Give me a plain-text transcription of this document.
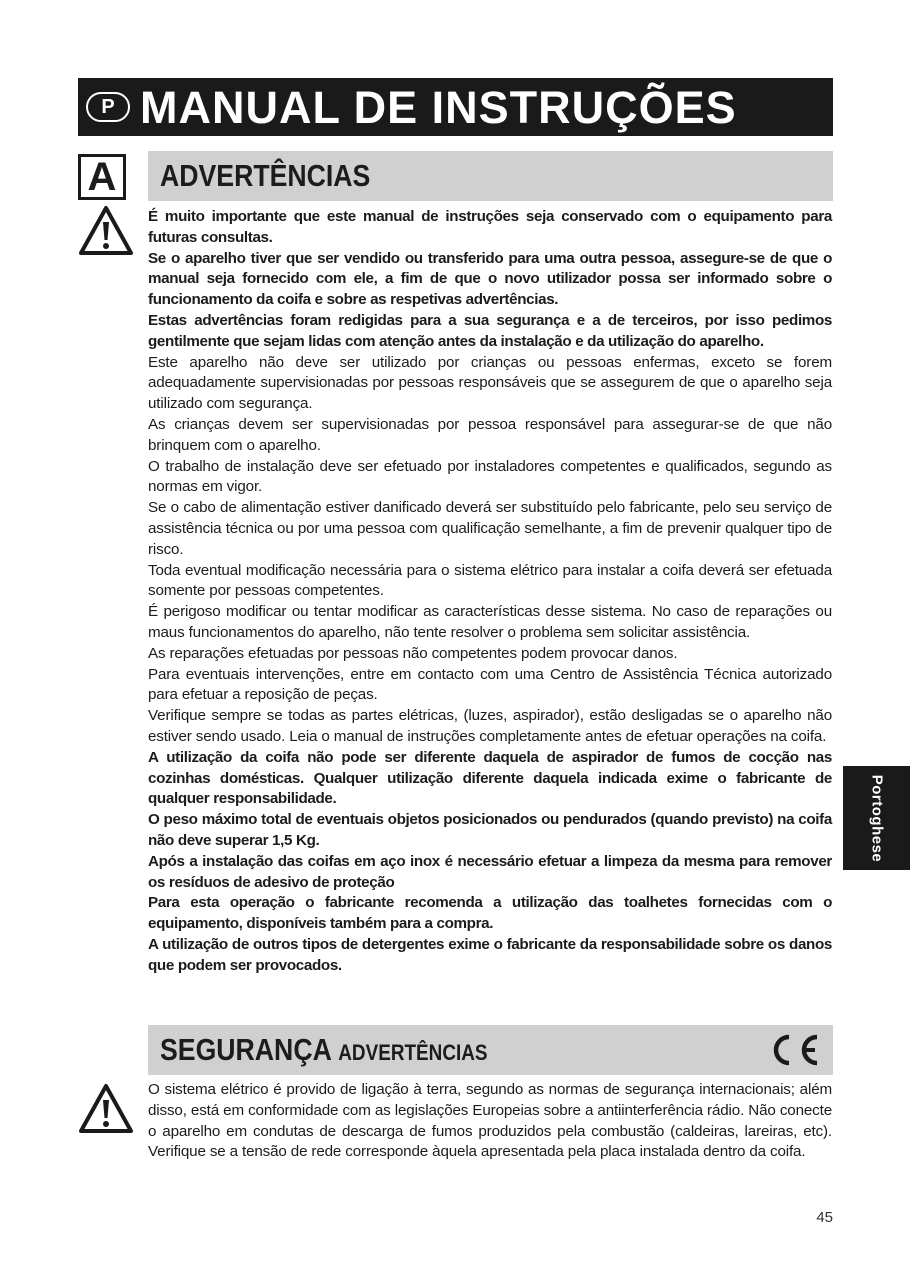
P MANUAL DE INSTRUÇÕES
A	ADVERTÊNCIAS

É muito importante que este manual de instruções seja conservado com o equipamento para futuras consultas.

Se o aparelho tiver que ser vendido ou transferido para uma outra pessoa, assegure-se de que o manual seja fornecido com ele, a fim de que o novo utilizador possa ser informado sobre o funcionamento da coifa e sobre as respetivas advertências.

Estas advertências foram redigidas para a sua segurança e a de terceiros, por isso pedimos gentilmente que sejam lidas com atenção antes da instalação e da utilização do aparelho.

Este aparelho não deve ser utilizado por crianças ou pessoas enfermas, exceto se forem adequadamente supervisionadas por pessoas responsáveis que se assegurem de que o aparelho seja utilizado com segurança.

As crianças devem ser supervisionadas por pessoa responsável para assegurar-se de que não brinquem com o aparelho.

O trabalho de instalação deve ser efetuado por instaladores competentes e qualificados, segundo as normas em vigor.

Se o cabo de alimentação estiver danificado deverá ser substituído pelo fabricante, pelo seu serviço de assistência técnica ou por uma pessoa com qualificação semelhante, a fim de prevenir qualquer tipo de risco.

Toda eventual modificação necessária para o sistema elétrico para instalar a coifa deverá ser efetuada somente por pessoas competentes.

É perigoso modificar ou tentar modificar as características desse sistema. No caso de reparações ou maus funcionamentos do aparelho, não tente resolver o problema sem solicitar assistência.

As reparações efetuadas por pessoas não competentes podem provocar danos.

Para eventuais intervenções, entre em contacto com uma Centro de Assistência Técnica autorizado para efetuar a reposição de peças.

Verifique sempre se todas as partes elétricas, (luzes, aspirador), estão desligadas se o aparelho não estiver sendo usado. Leia o manual de instruções completamente antes de efetuar operações na coifa.

A utilização da coifa não pode ser diferente daquela de aspirador de fumos de cocção nas cozinhas domésticas. Qualquer utilização diferente daquela indicada exime o fabricante de qualquer responsabilidade.

O peso máximo total de eventuais objetos posicionados ou pendurados (quando previsto) na coifa não deve superar 1,5 Kg.

Após a instalação das coifas em aço inox é necessário efetuar a limpeza da mesma para remover os resíduos de adesivo de proteção

Para esta operação o fabricante recomenda a utilização das toalhetes fornecidas com o equipamento, disponíveis também para a compra.

A utilização de outros tipos de detergentes exime o fabricante da responsabilidade sobre os danos que podem ser provocados.

SEGURANÇA ADVERTÊNCIAS

O sistema elétrico é provido de ligação à terra, segundo as normas de segurança internacionais; além disso, está em conformidade com as legislações Europeias sobre a antiinterferência rádio. Não conecte o aparelho em condutas de descarga de fumos produzidos pela combustão (caldeiras, lareiras, etc). Verifique se a tensão de rede corresponde àquela apresentada pela placa instalada dentro da coifa.

Portoghese
45
